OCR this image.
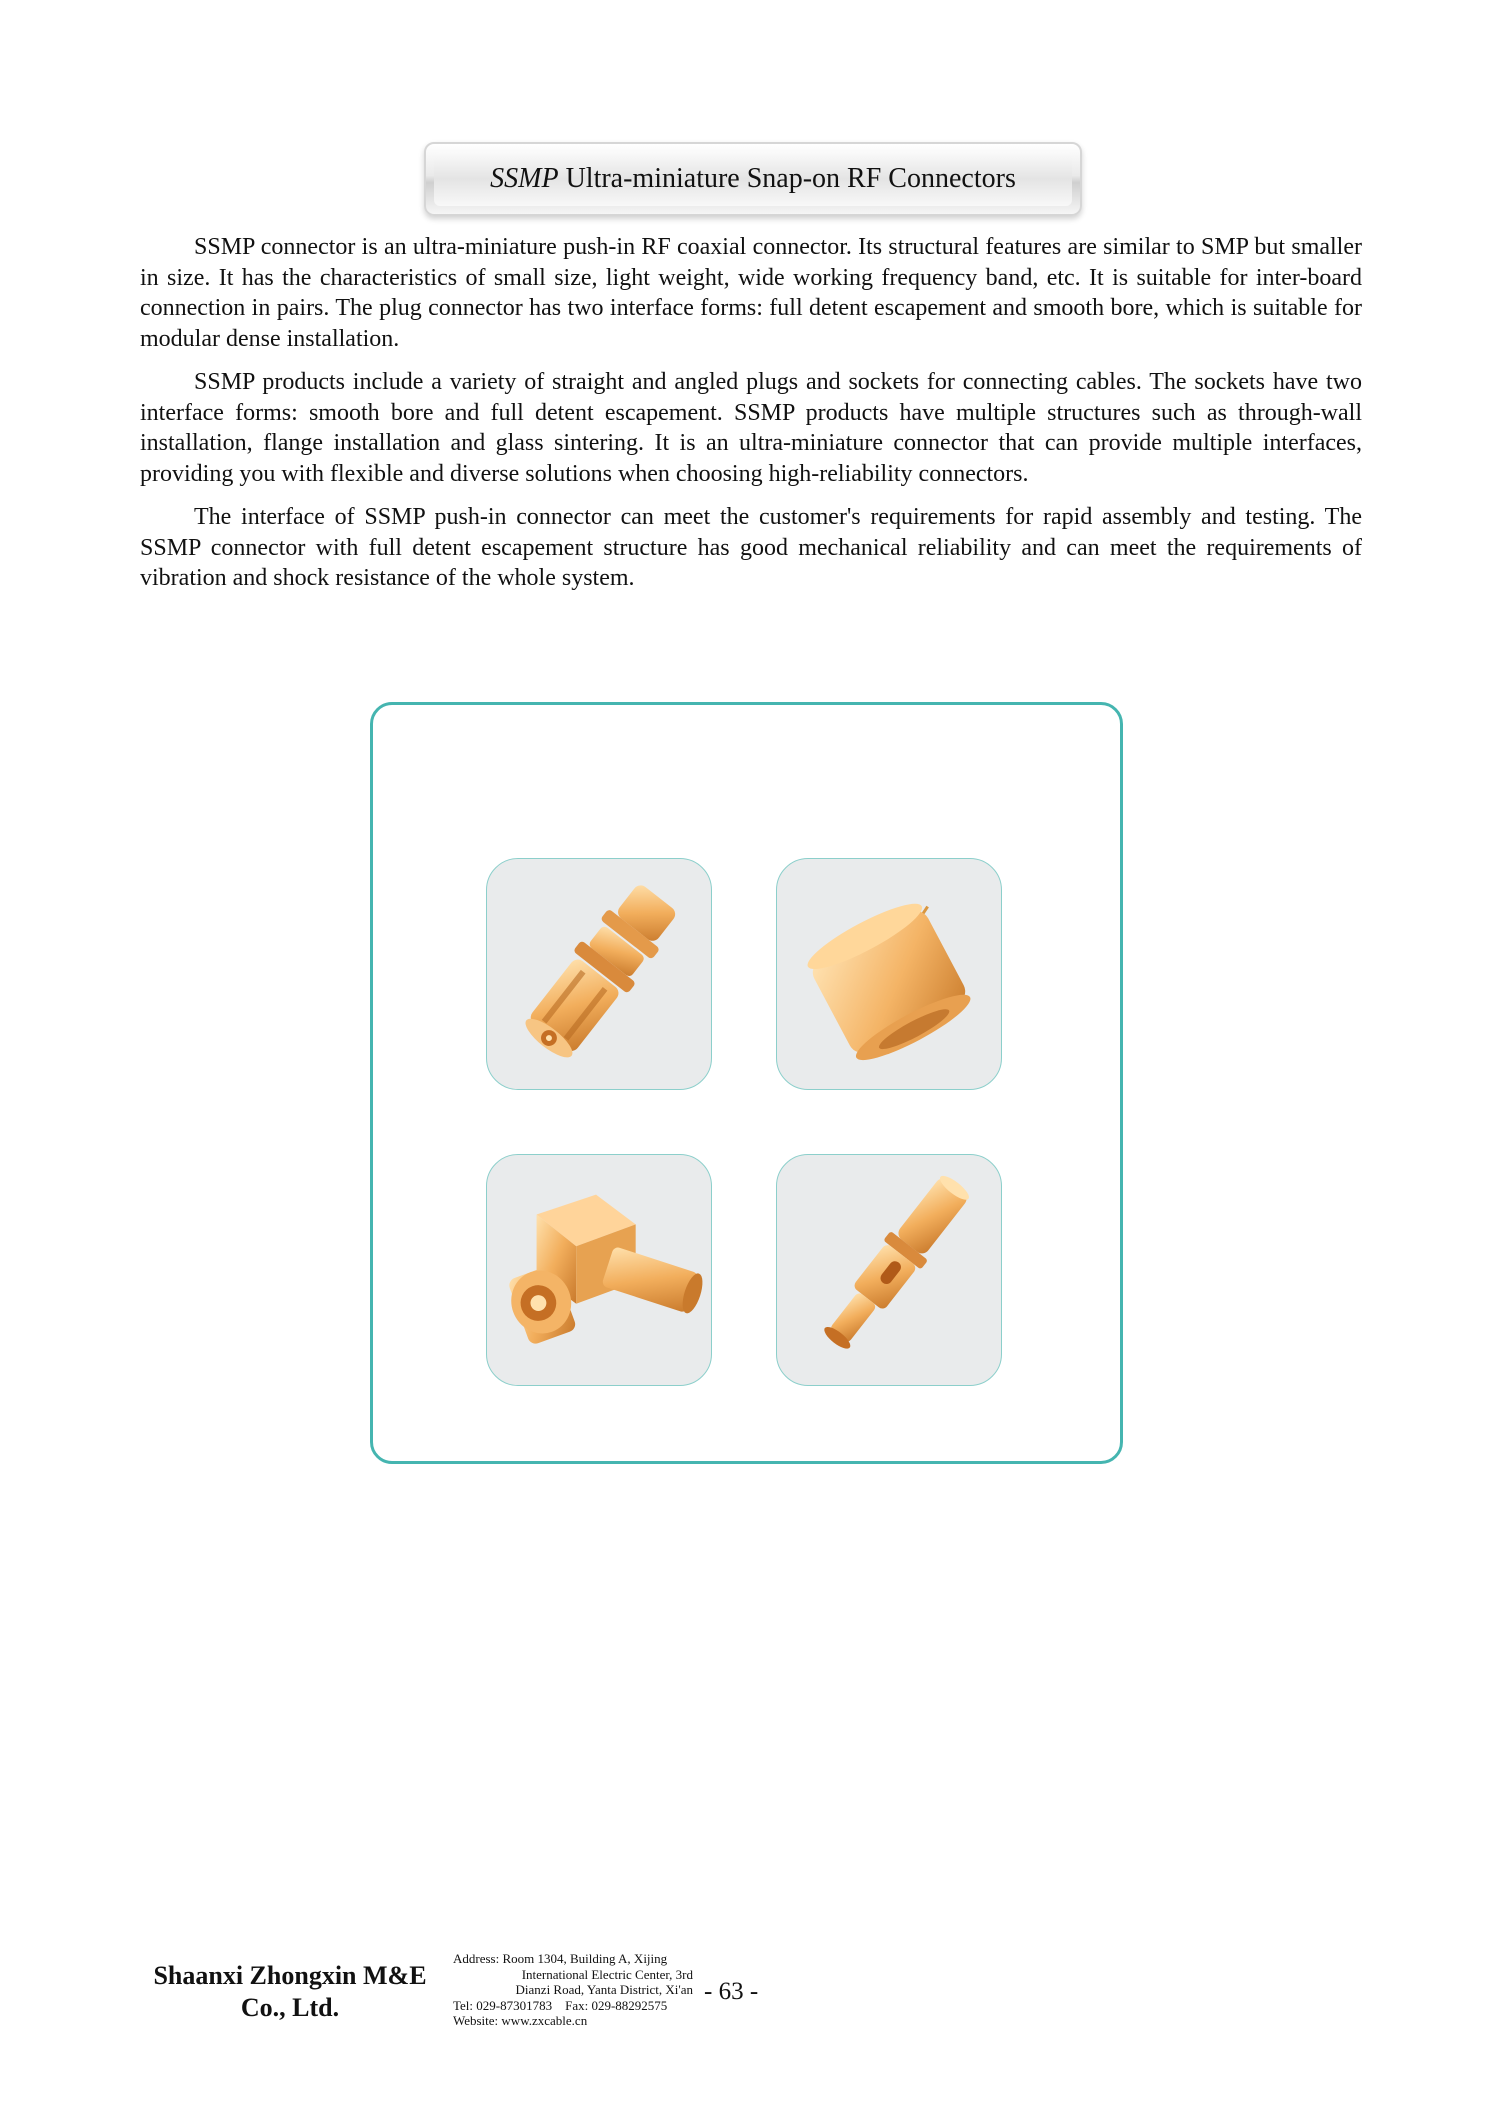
SSMP Ultra-miniature Snap-on RF Connectors

SSMP connector is an ultra-miniature push-in RF coaxial connector. Its structural features are similar to SMP but smaller in size. It has the characteristics of small size, light weight, wide working frequency band, etc. It is suitable for inter-board connection in pairs. The plug connector has two interface forms: full detent escapement and smooth bore, which is suitable for modular dense installation.

SSMP products include a variety of straight and angled plugs and sockets for connecting cables. The sockets have two interface forms: smooth bore and full detent escapement. SSMP products have multiple structures such as through-wall installation, flange installation and glass sintering. It is an ultra-miniature connector that can provide multiple interfaces, providing you with flexible and diverse solutions when choosing high-reliability connectors.

The interface of SSMP push-in connector can meet the customer's requirements for rapid assembly and testing. The SSMP connector with full detent escapement structure has good mechanical reliability and can meet the requirements of vibration and shock resistance of the whole system.

Shaanxi Zhongxin M&E
Co., Ltd.
Address: Room 1304, Building A, Xijing

International Electric Center, 3rd
Dianzi Road, Yanta District, Xi'an
Tel: 029-87301783    Fax: 029-88292575
Website: www.zxcable.cn
- 63 -
